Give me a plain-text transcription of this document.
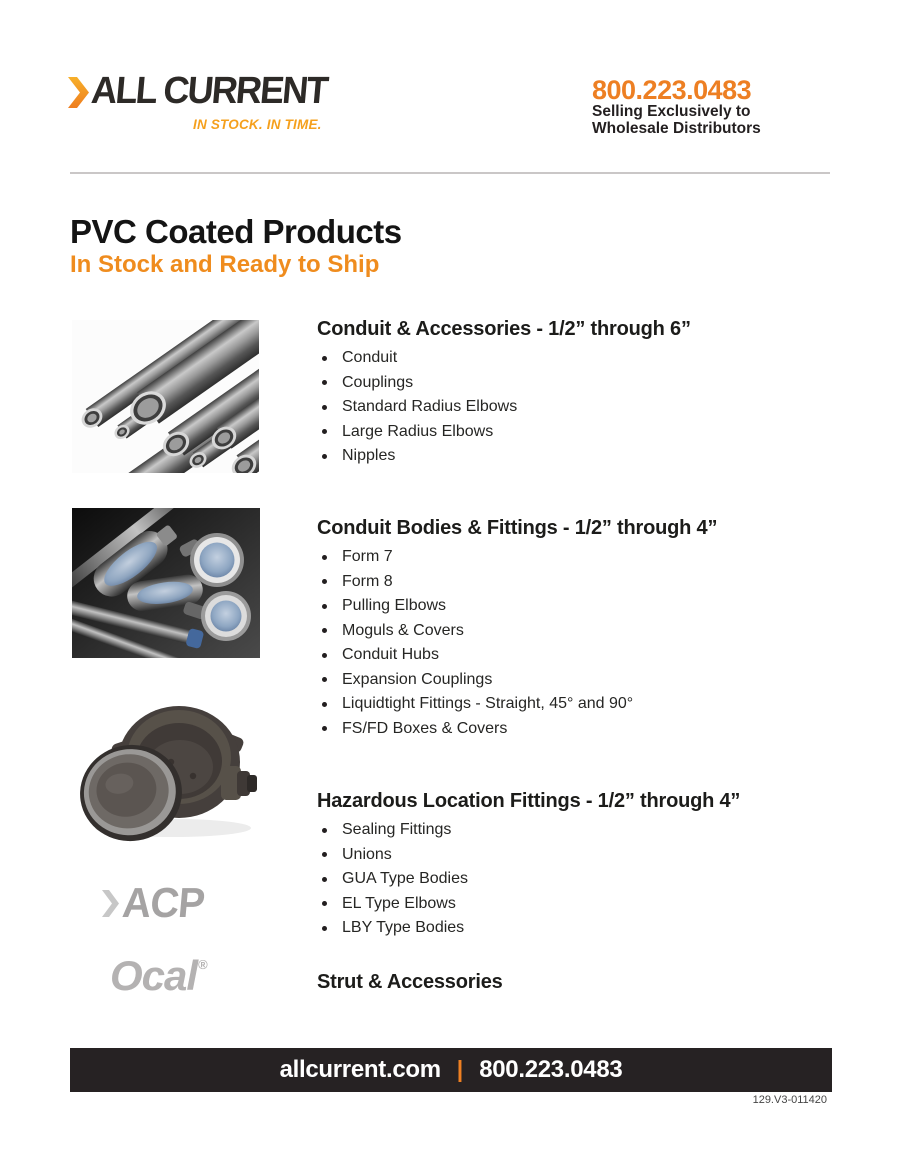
ALL CURRENT
IN STOCK. IN TIME.
800.223.0483
Selling Exclusively to
Wholesale Distributors
PVC Coated Products
In Stock and Ready to Ship
Conduit & Accessories - 1/2” through 6”
Conduit
Couplings
Standard Radius Elbows
Large Radius Elbows
Nipples
Conduit Bodies & Fittings - 1/2” through 4”
Form 7
Form 8
Pulling Elbows
Moguls & Covers
Conduit Hubs
Expansion Couplings
Liquidtight Fittings - Straight, 45° and 90°
FS/FD Boxes & Covers
Hazardous Location Fittings - 1/2” through 4”
Sealing Fittings
Unions
GUA Type Bodies
EL Type Elbows
LBY Type Bodies
Strut & Accessories
ACP
Ocal®
allcurrent.com | 800.223.0483
129.V3-011420
